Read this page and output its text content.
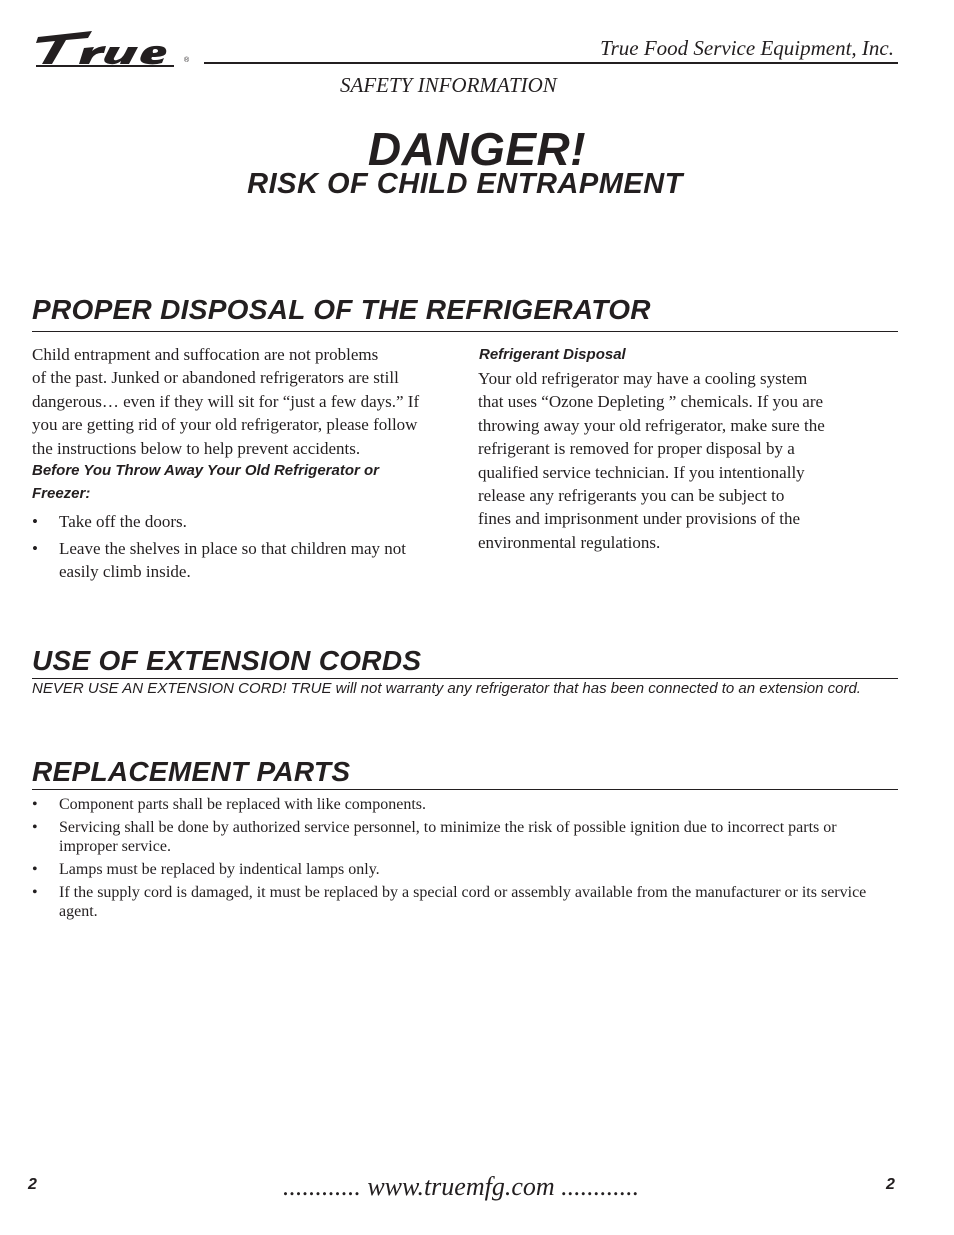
®
True Food Service Equipment, Inc.
SAFETY INFORMATION
DANGER!
RISK OF CHILD ENTRAPMENT
PROPER DISPOSAL OF THE REFRIGERATOR
Child entrapment and suffocation are not problems
of the past. Junked or abandoned refrigerators are still
dangerous… even if they will sit for “just a few days.” If
you are getting rid of your old refrigerator, please follow
the instructions below to help prevent accidents.
Before You Throw Away Your Old Refrigerator or
Freezer:
• Take off the doors.
• Leave the shelves in place so that children may not easily climb inside.
Refrigerant Disposal
Your old refrigerator may have a cooling system
that uses “Ozone Depleting ” chemicals. If you are
throwing away your old refrigerator, make sure the
refrigerant is removed for proper disposal by a
qualified service technician. If you intentionally
release any refrigerants you can be subject to
fines and imprisonment under provisions of the
environmental regulations.
USE OF EXTENSION CORDS
NEVER USE AN EXTENSION CORD! TRUE will not warranty any refrigerator that has been connected to an extension cord.
REPLACEMENT PARTS
• Component parts shall be replaced with like components.
• Servicing shall be done by authorized service personnel, to minimize the risk of possible ignition due to incorrect parts or improper service.
• Lamps must be replaced by indentical lamps only.
• If the supply cord is damaged, it must be replaced by a special cord or assembly available from the manufacturer or its service agent.
2	............ www.truemfg.com ............	2
